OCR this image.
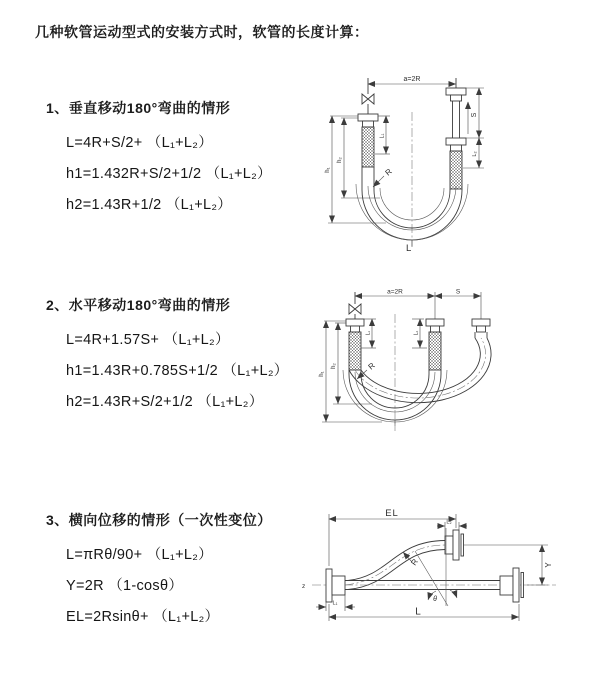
几种软管运动型式的安装方式时，软管的长度计算：
1、垂直移动180°弯曲的情形
L=4R+S/2+ （L₁+L₂）
h1=1.432R+S/2+1/2 （L₁+L₂）
h2=1.43R+1/2 （L₁+L₂）
2、水平移动180°弯曲的情形
L=4R+1.57S+ （L₁+L₂）
h1=1.43R+0.785S+1/2 （L₁+L₂）
h2=1.43R+S/2+1/2 （L₁+L₂）
3、横向位移的情形（一次性变位）
L=πRθ/90+ （L₁+L₂）
Y=2R （1-cosθ）
EL=2Rsinθ+ （L₁+L₂）
a=2R
L₁
S
L₂
h₁
h₂
R
L
a=2R	S
h₁
h₂
L₁	L₂
R
z
EL
L₂
Y
R
θ
L₁
L
